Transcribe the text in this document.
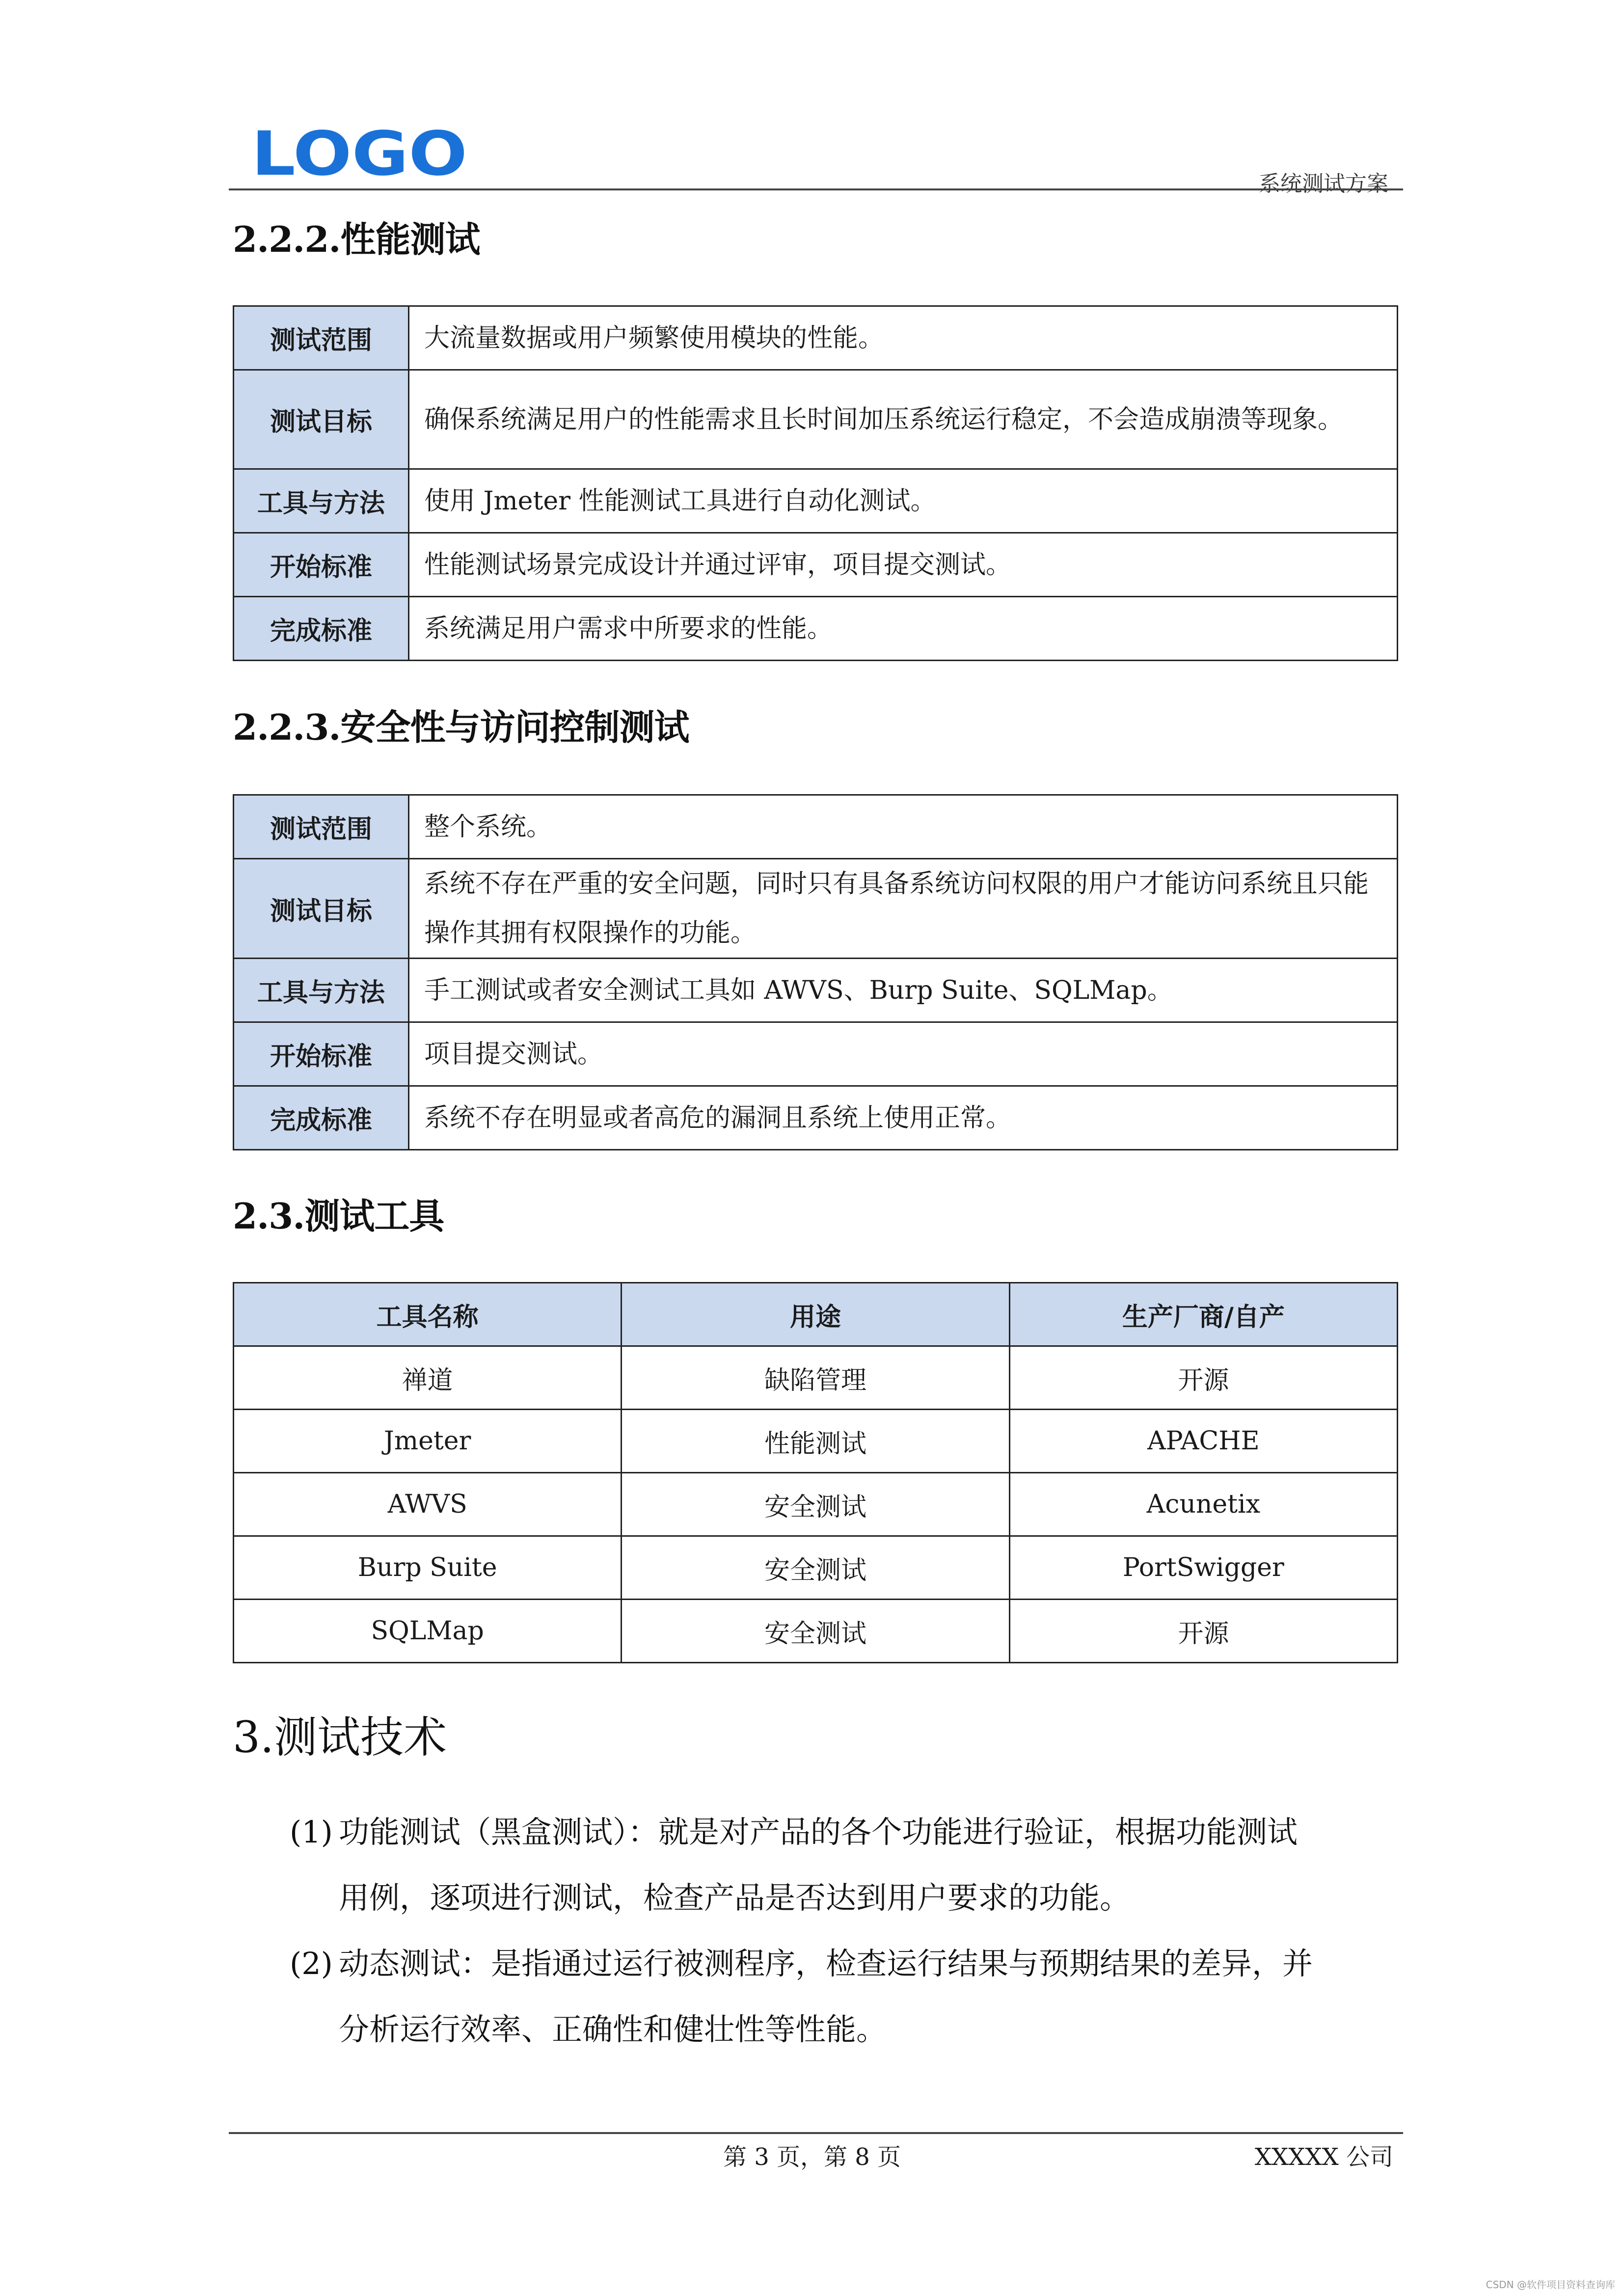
LOGO	系统测试方案
2.2.2.性能测试
测试范围	大流量数据或用户频繁使用模块的性能。
测试目标	确保系统满足用户的性能需求且长时间加压系统运行稳定，不会造成崩溃等现象。
工具与方法	使用 Jmeter 性能测试工具进行自动化测试。
开始标准	性能测试场景完成设计并通过评审，项目提交测试。
完成标准	系统满足用户需求中所要求的性能。
2.2.3.安全性与访问控制测试
测试范围	整个系统。
测试目标	系统不存在严重的安全问题，同时只有具备系统访问权限的用户才能访问系统且只能操作其拥有权限操作的功能。
工具与方法	手工测试或者安全测试工具如 AWVS、Burp Suite、SQLMap。
开始标准	项目提交测试。
完成标准	系统不存在明显或者高危的漏洞且系统上使用正常。
2.3.测试工具
工具名称	用途	生产厂商/自产
禅道	缺陷管理	开源
Jmeter	性能测试	APACHE
AWVS	安全测试	Acunetix
Burp Suite	安全测试	PortSwigger
SQLMap	安全测试	开源
3.测试技术
(1) 功能测试（黑盒测试）：就是对产品的各个功能进行验证，根据功能测试
用例，逐项进行测试，检查产品是否达到用户要求的功能。
(2) 动态测试：是指通过运行被测程序，检查运行结果与预期结果的差异，并
分析运行效率、正确性和健壮性等性能。
第 3 页，第 8 页	XXXXX 公司
CSDN @软件项目资料查询库
